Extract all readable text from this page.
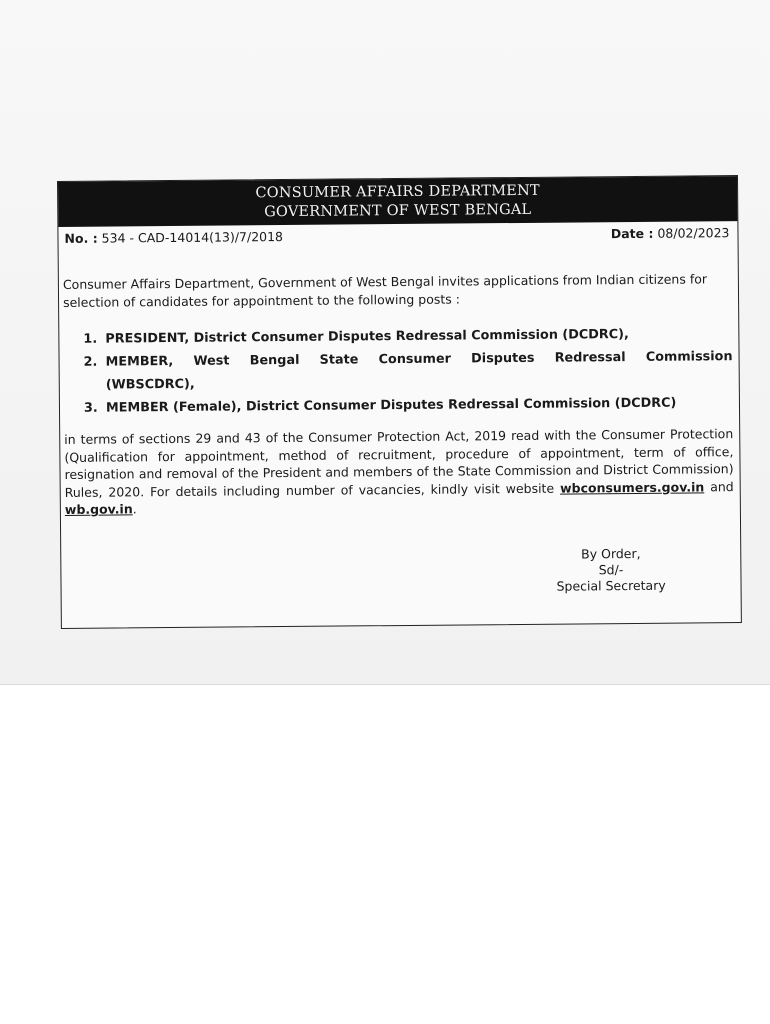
CONSUMER AFFAIRS DEPARTMENT
GOVERNMENT OF WEST BENGAL
No. : 534 - CAD-14014(13)/7/2018	Date : 08/02/2023
Consumer Affairs Department, Government of West Bengal invites applications from Indian citizens for selection of candidates for appointment to the following posts :
1. PRESIDENT, District Consumer Disputes Redressal Commission (DCDRC),
2. MEMBER, West Bengal State Consumer Disputes Redressal Commission
(WBSCDRC),
3. MEMBER (Female), District Consumer Disputes Redressal Commission (DCDRC)
in terms of sections 29 and 43 of the Consumer Protection Act, 2019 read with the Consumer Protection (Qualification for appointment, method of recruitment, procedure of appointment, term of office, resignation and removal of the President and members of the State Commission and District Commission) Rules, 2020. For details including number of vacancies, kindly visit website wbconsumers.gov.in and wb.gov.in.
By Order,
Sd/-
Special Secretary
